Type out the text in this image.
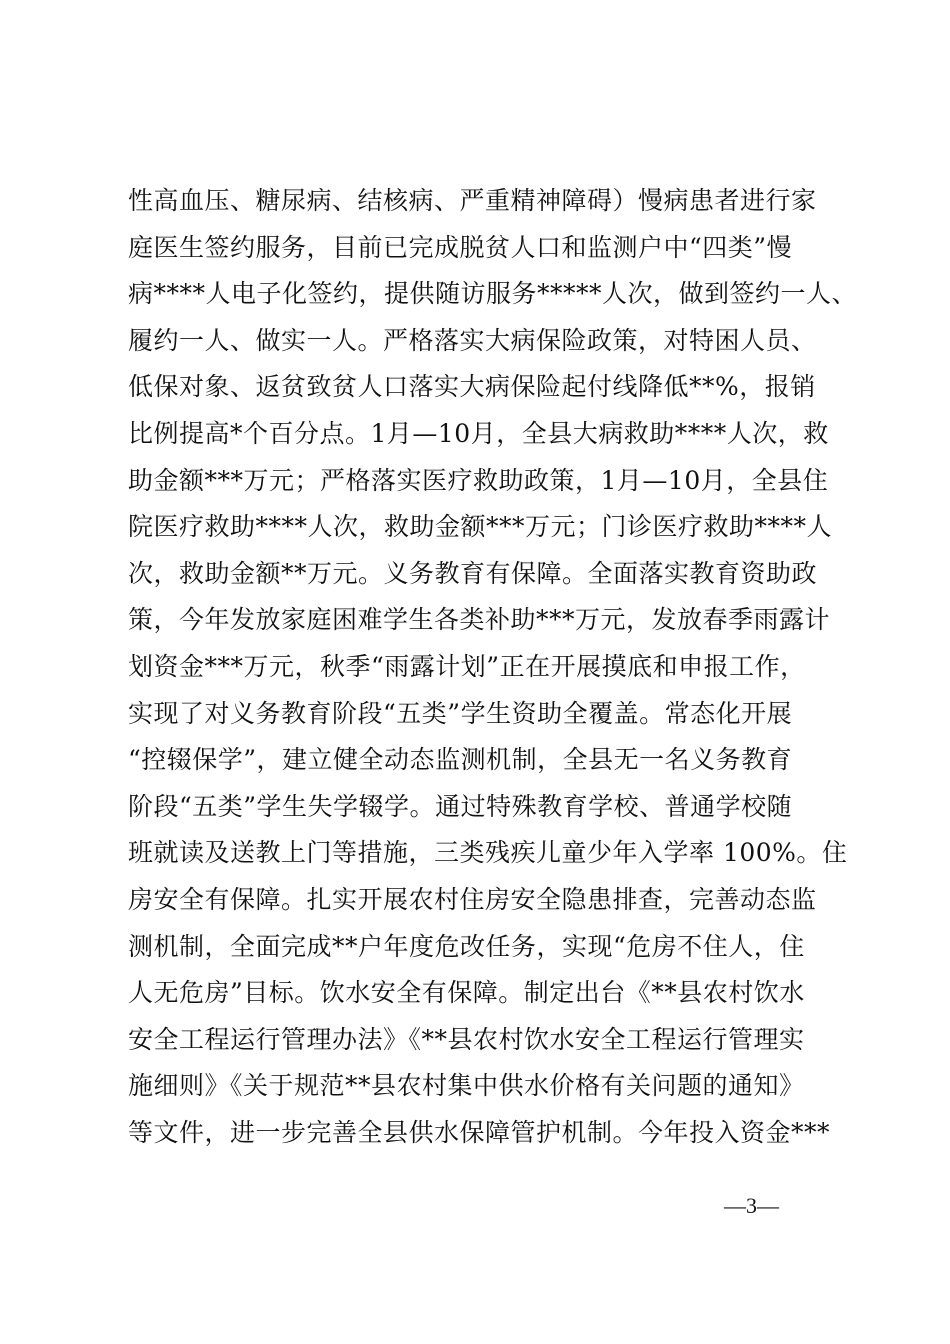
性高血压、糖尿病、结核病、严重精神障碍）慢病患者进行家
庭医生签约服务，目前已完成脱贫人口和监测户中“四类”慢
病****人电子化签约，提供随访服务*****人次，做到签约一人、
履约一人、做实一人。严格落实大病保险政策，对特困人员、
低保对象、返贫致贫人口落实大病保险起付线降低**%，报销
比例提高*个百分点。1月—10月，全县大病救助****人次，救
助金额***万元；严格落实医疗救助政策，1月—10月，全县住
院医疗救助****人次，救助金额***万元；门诊医疗救助****人
次，救助金额**万元。义务教育有保障。全面落实教育资助政
策，今年发放家庭困难学生各类补助***万元，发放春季雨露计
划资金***万元，秋季“雨露计划”正在开展摸底和申报工作，
实现了对义务教育阶段“五类”学生资助全覆盖。常态化开展
“控辍保学”，建立健全动态监测机制，全县无一名义务教育
阶段“五类”学生失学辍学。通过特殊教育学校、普通学校随
班就读及送教上门等措施，三类残疾儿童少年入学率 100%。住
房安全有保障。扎实开展农村住房安全隐患排查，完善动态监
测机制，全面完成**户年度危改任务，实现“危房不住人，住
人无危房”目标。饮水安全有保障。制定出台《**县农村饮水
安全工程运行管理办法》《**县农村饮水安全工程运行管理实
施细则》《关于规范**县农村集中供水价格有关问题的通知》
等文件，进一步完善全县供水保障管护机制。今年投入资金***
—3—
